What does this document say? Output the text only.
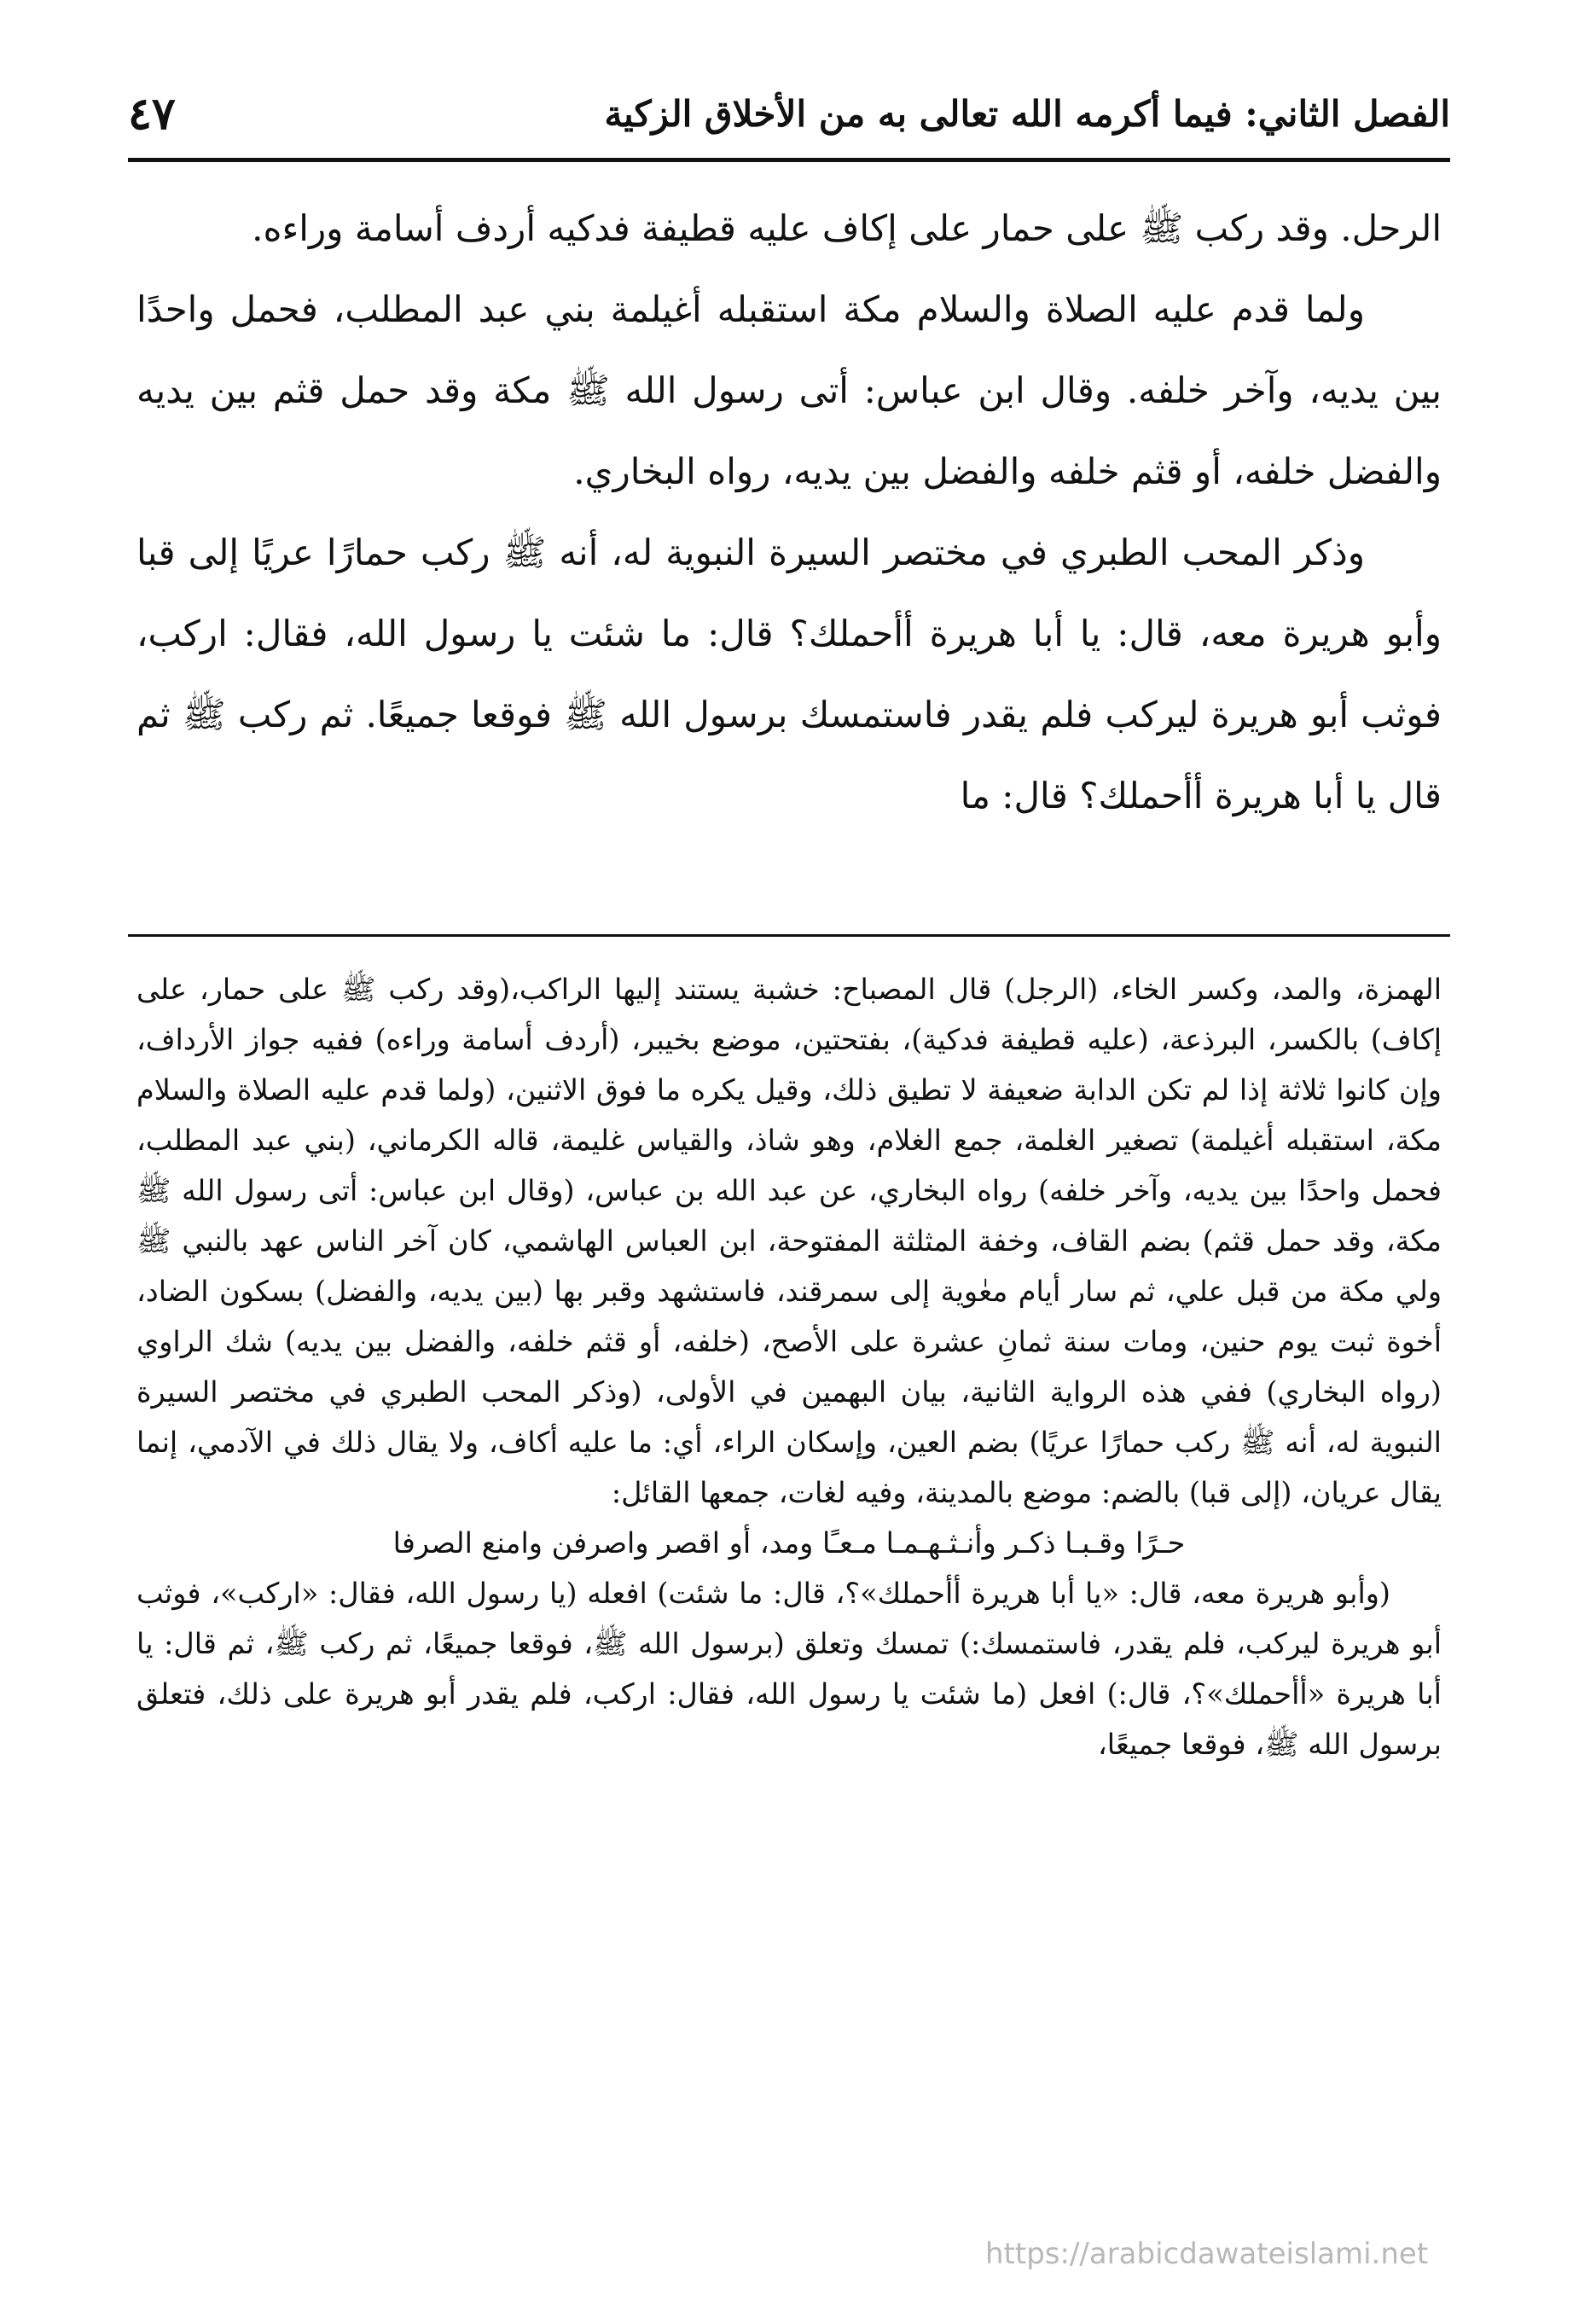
الفصل الثاني: فيما أكرمه الله تعالى به من الأخلاق الزكية
٤٧

الرحل. وقد ركب ﷺ على حمار على إكاف عليه قطيفة فدكيه أردف أسامة وراءه.

ولما قدم عليه الصلاة والسلام مكة استقبله أغيلمة بني عبد المطلب، فحمل واحدًا بين يديه، وآخر خلفه. وقال ابن عباس: أتى رسول الله ﷺ مكة وقد حمل قثم بين يديه والفضل خلفه، أو قثم خلفه والفضل بين يديه، رواه البخاري.

وذكر المحب الطبري في مختصر السيرة النبوية له، أنه ﷺ ركب حمارًا عريًا إلى قبا وأبو هريرة معه، قال: يا أبا هريرة أأحملك؟ قال: ما شئت يا رسول الله، فقال: اركب، فوثب أبو هريرة ليركب فلم يقدر فاستمسك برسول الله ﷺ فوقعا جميعًا. ثم ركب ﷺ ثم قال يا أبا هريرة أأحملك؟ قال: ما

الهمزة، والمد، وكسر الخاء، (الرجل) قال المصباح: خشبة يستند إليها الراكب،(وقد ركب ﷺ على حمار، على إكاف) بالكسر، البرذعة، (عليه قطيفة فدكية)، بفتحتين، موضع بخيبر، (أردف أسامة وراءه) ففيه جواز الأرداف، وإن كانوا ثلاثة إذا لم تكن الدابة ضعيفة لا تطيق ذلك، وقيل يكره ما فوق الاثنين، (ولما قدم عليه الصلاة والسلام مكة، استقبله أغيلمة) تصغير الغلمة، جمع الغلام، وهو شاذ، والقياس غليمة، قاله الكرماني، (بني عبد المطلب، فحمل واحدًا بين يديه، وآخر خلفه) رواه البخاري، عن عبد الله بن عباس، (وقال ابن عباس: أتى رسول الله ﷺ مكة، وقد حمل قثم) بضم القاف، وخفة المثلثة المفتوحة، ابن العباس الهاشمي، كان آخر الناس عهد بالنبي ﷺ ولي مكة من قبل علي، ثم سار أيام معٰوية إلى سمرقند، فاستشهد وقبر بها (بين يديه، والفضل) بسكون الضاد، أخوة ثبت يوم حنين، ومات سنة ثمانِ عشرة على الأصح، (خلفه، أو قثم خلفه، والفضل بين يديه) شك الراوي (رواه البخاري) ففي هذه الرواية الثانية، بيان البهمين في الأولى، (وذكر المحب الطبري في مختصر السيرة النبوية له، أنه ﷺ ركب حمارًا عريًا) بضم العين، وإسكان الراء، أي: ما عليه أكاف، ولا يقال ذلك في الآدمي، إنما يقال عريان، (إلى قبا) بالضم: موضع بالمدينة، وفيه لغات، جمعها القائل:

حـرًا وقـبـا ذكـر وأنـثـهـمـا مـعـًا ومد، أو اقصر واصرفن وامنع الصرفا

(وأبو هريرة معه، قال: «يا أبا هريرة أأحملك»؟، قال: ما شئت) افعله (يا رسول الله، فقال: «اركب»، فوثب أبو هريرة ليركب، فلم يقدر، فاستمسك:) تمسك وتعلق (برسول الله ﷺ، فوقعا جميعًا، ثم ركب ﷺ، ثم قال: يا أبا هريرة «أأحملك»؟، قال:) افعل (ما شئت يا رسول الله، فقال: اركب، فلم يقدر أبو هريرة على ذلك، فتعلق برسول الله ﷺ، فوقعا جميعًا،

https://arabicdawateislami.net
